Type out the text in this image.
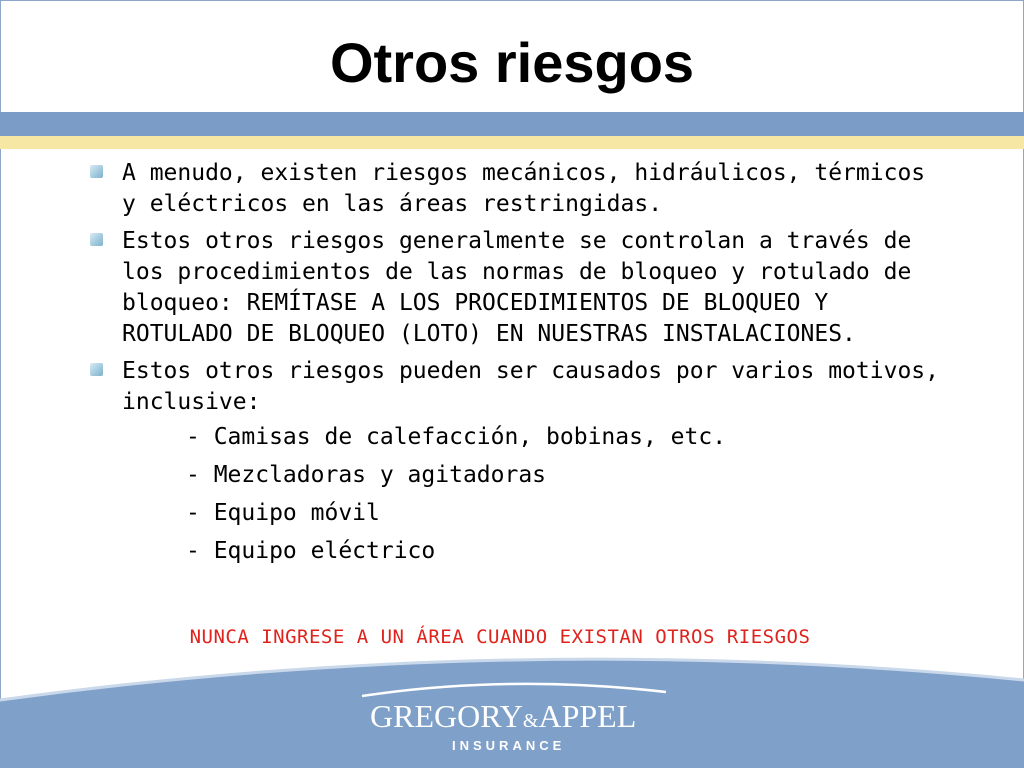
Otros riesgos
A menudo, existen riesgos mecánicos, hidráulicos, térmicos y eléctricos en las áreas restringidas.
Estos otros riesgos generalmente se controlan a través de los procedimientos de las normas de bloqueo y rotulado de bloqueo: REMÍTASE A LOS PROCEDIMIENTOS DE BLOQUEO Y ROTULADO DE BLOQUEO (LOTO) EN NUESTRAS INSTALACIONES.
Estos otros riesgos pueden ser causados por varios motivos, inclusive:

- Camisas de calefacción, bobinas, etc.

- Mezcladoras y agitadoras

- Equipo móvil

- Equipo eléctrico

NUNCA INGRESE A UN ÁREA CUANDO EXISTAN OTROS RIESGOS
GREGORY&APPEL
INSURANCE
